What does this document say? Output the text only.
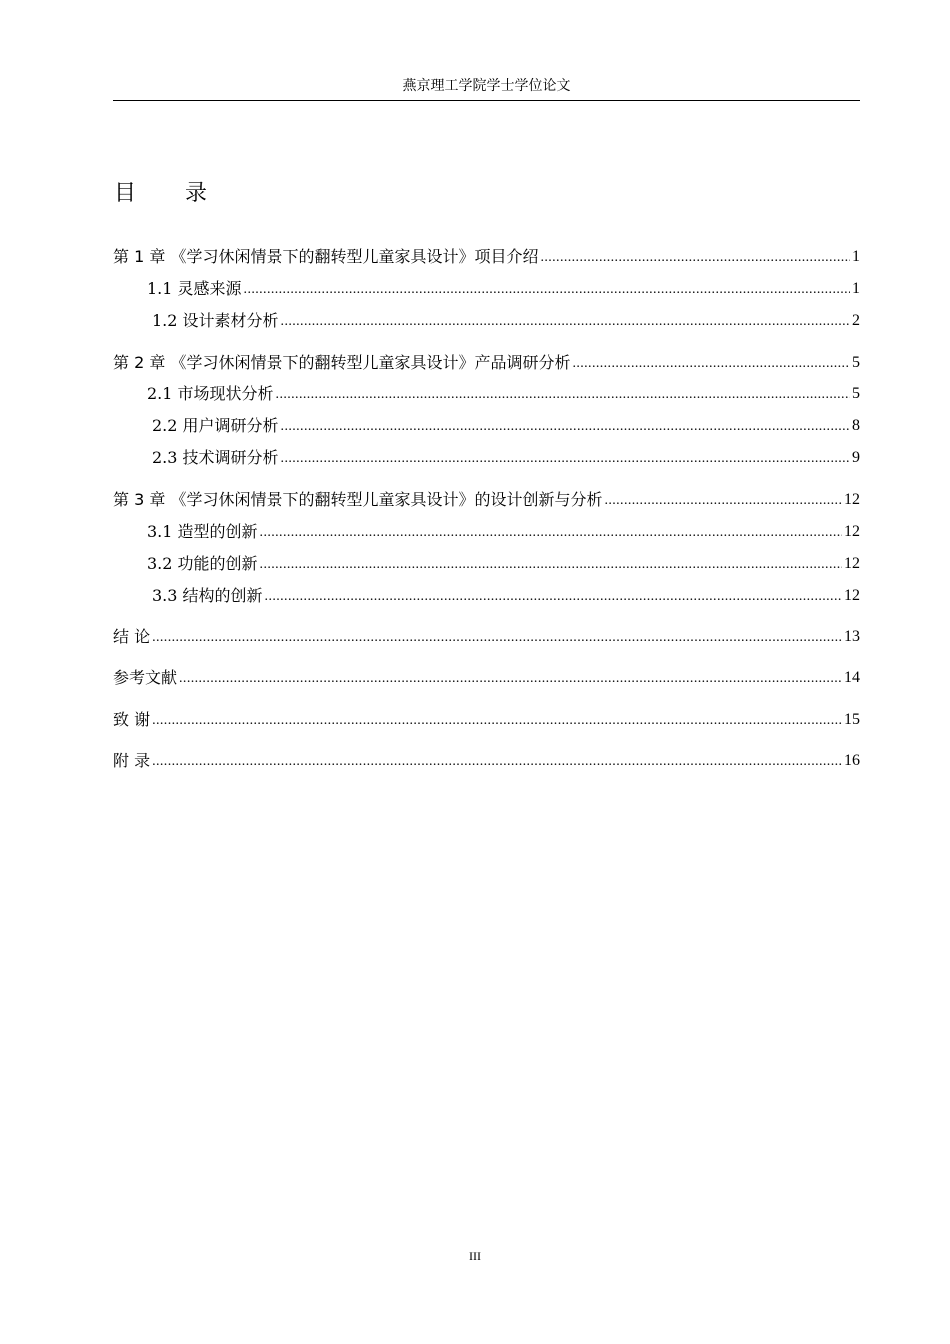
燕京理工学院学士学位论文
目 录
第 1 章 《学习休闲情景下的翻转型儿童家具设计》项目介绍 .....	1
1.1 灵感来源 .....	1
1.2 设计素材分析 .....	2
第 2 章 《学习休闲情景下的翻转型儿童家具设计》产品调研分析 .....	5
2.1 市场现状分析 .....	5
2.2 用户调研分析 .....	8
2.3 技术调研分析 .....	9
第 3 章 《学习休闲情景下的翻转型儿童家具设计》的设计创新与分析 .....	12
3.1 造型的创新 .....	12
3.2 功能的创新 .....	12
3.3 结构的创新 .....	12
结 论 .....	13
参考文献 .....	14
致 谢 .....	15
附 录 .....	16
III
